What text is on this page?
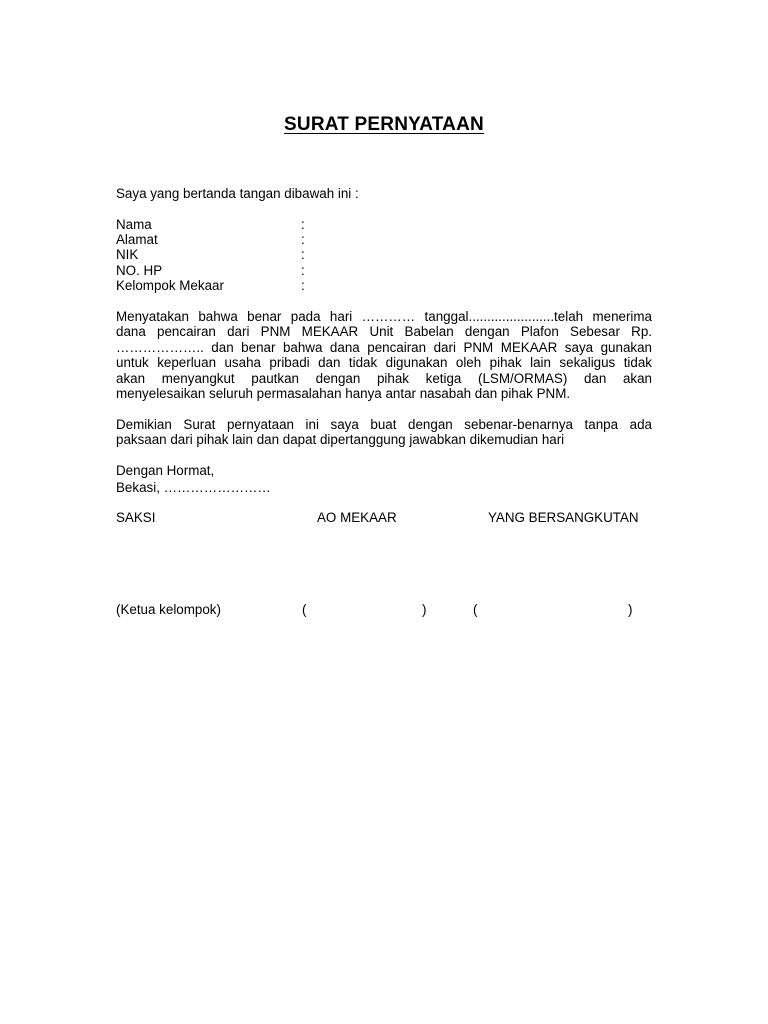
SURAT PERNYATAAN
Saya yang bertanda tangan dibawah ini :
Nama	:
Alamat	:
NIK	:
NO. HP	:
Kelompok Mekaar	:
Menyatakan bahwa benar pada hari ………… tanggal.......................telah menerima
dana pencairan dari PNM MEKAAR Unit Babelan dengan Plafon Sebesar Rp.
……………….. dan benar bahwa dana pencairan dari PNM MEKAAR saya gunakan
untuk keperluan usaha pribadi dan tidak digunakan oleh pihak lain sekaligus tidak
akan menyangkut pautkan dengan pihak ketiga (LSM/ORMAS) dan akan
menyelesaikan seluruh permasalahan hanya antar nasabah dan pihak PNM.
Demikian Surat pernyataan ini saya buat dengan sebenar-benarnya tanpa ada
paksaan dari pihak lain dan dapat dipertanggung jawabkan dikemudian hari
Dengan Hormat,
Bekasi, ……………………
SAKSI	AO MEKAAR	YANG BERSANGKUTAN
(Ketua kelompok)	(	)	(	)
